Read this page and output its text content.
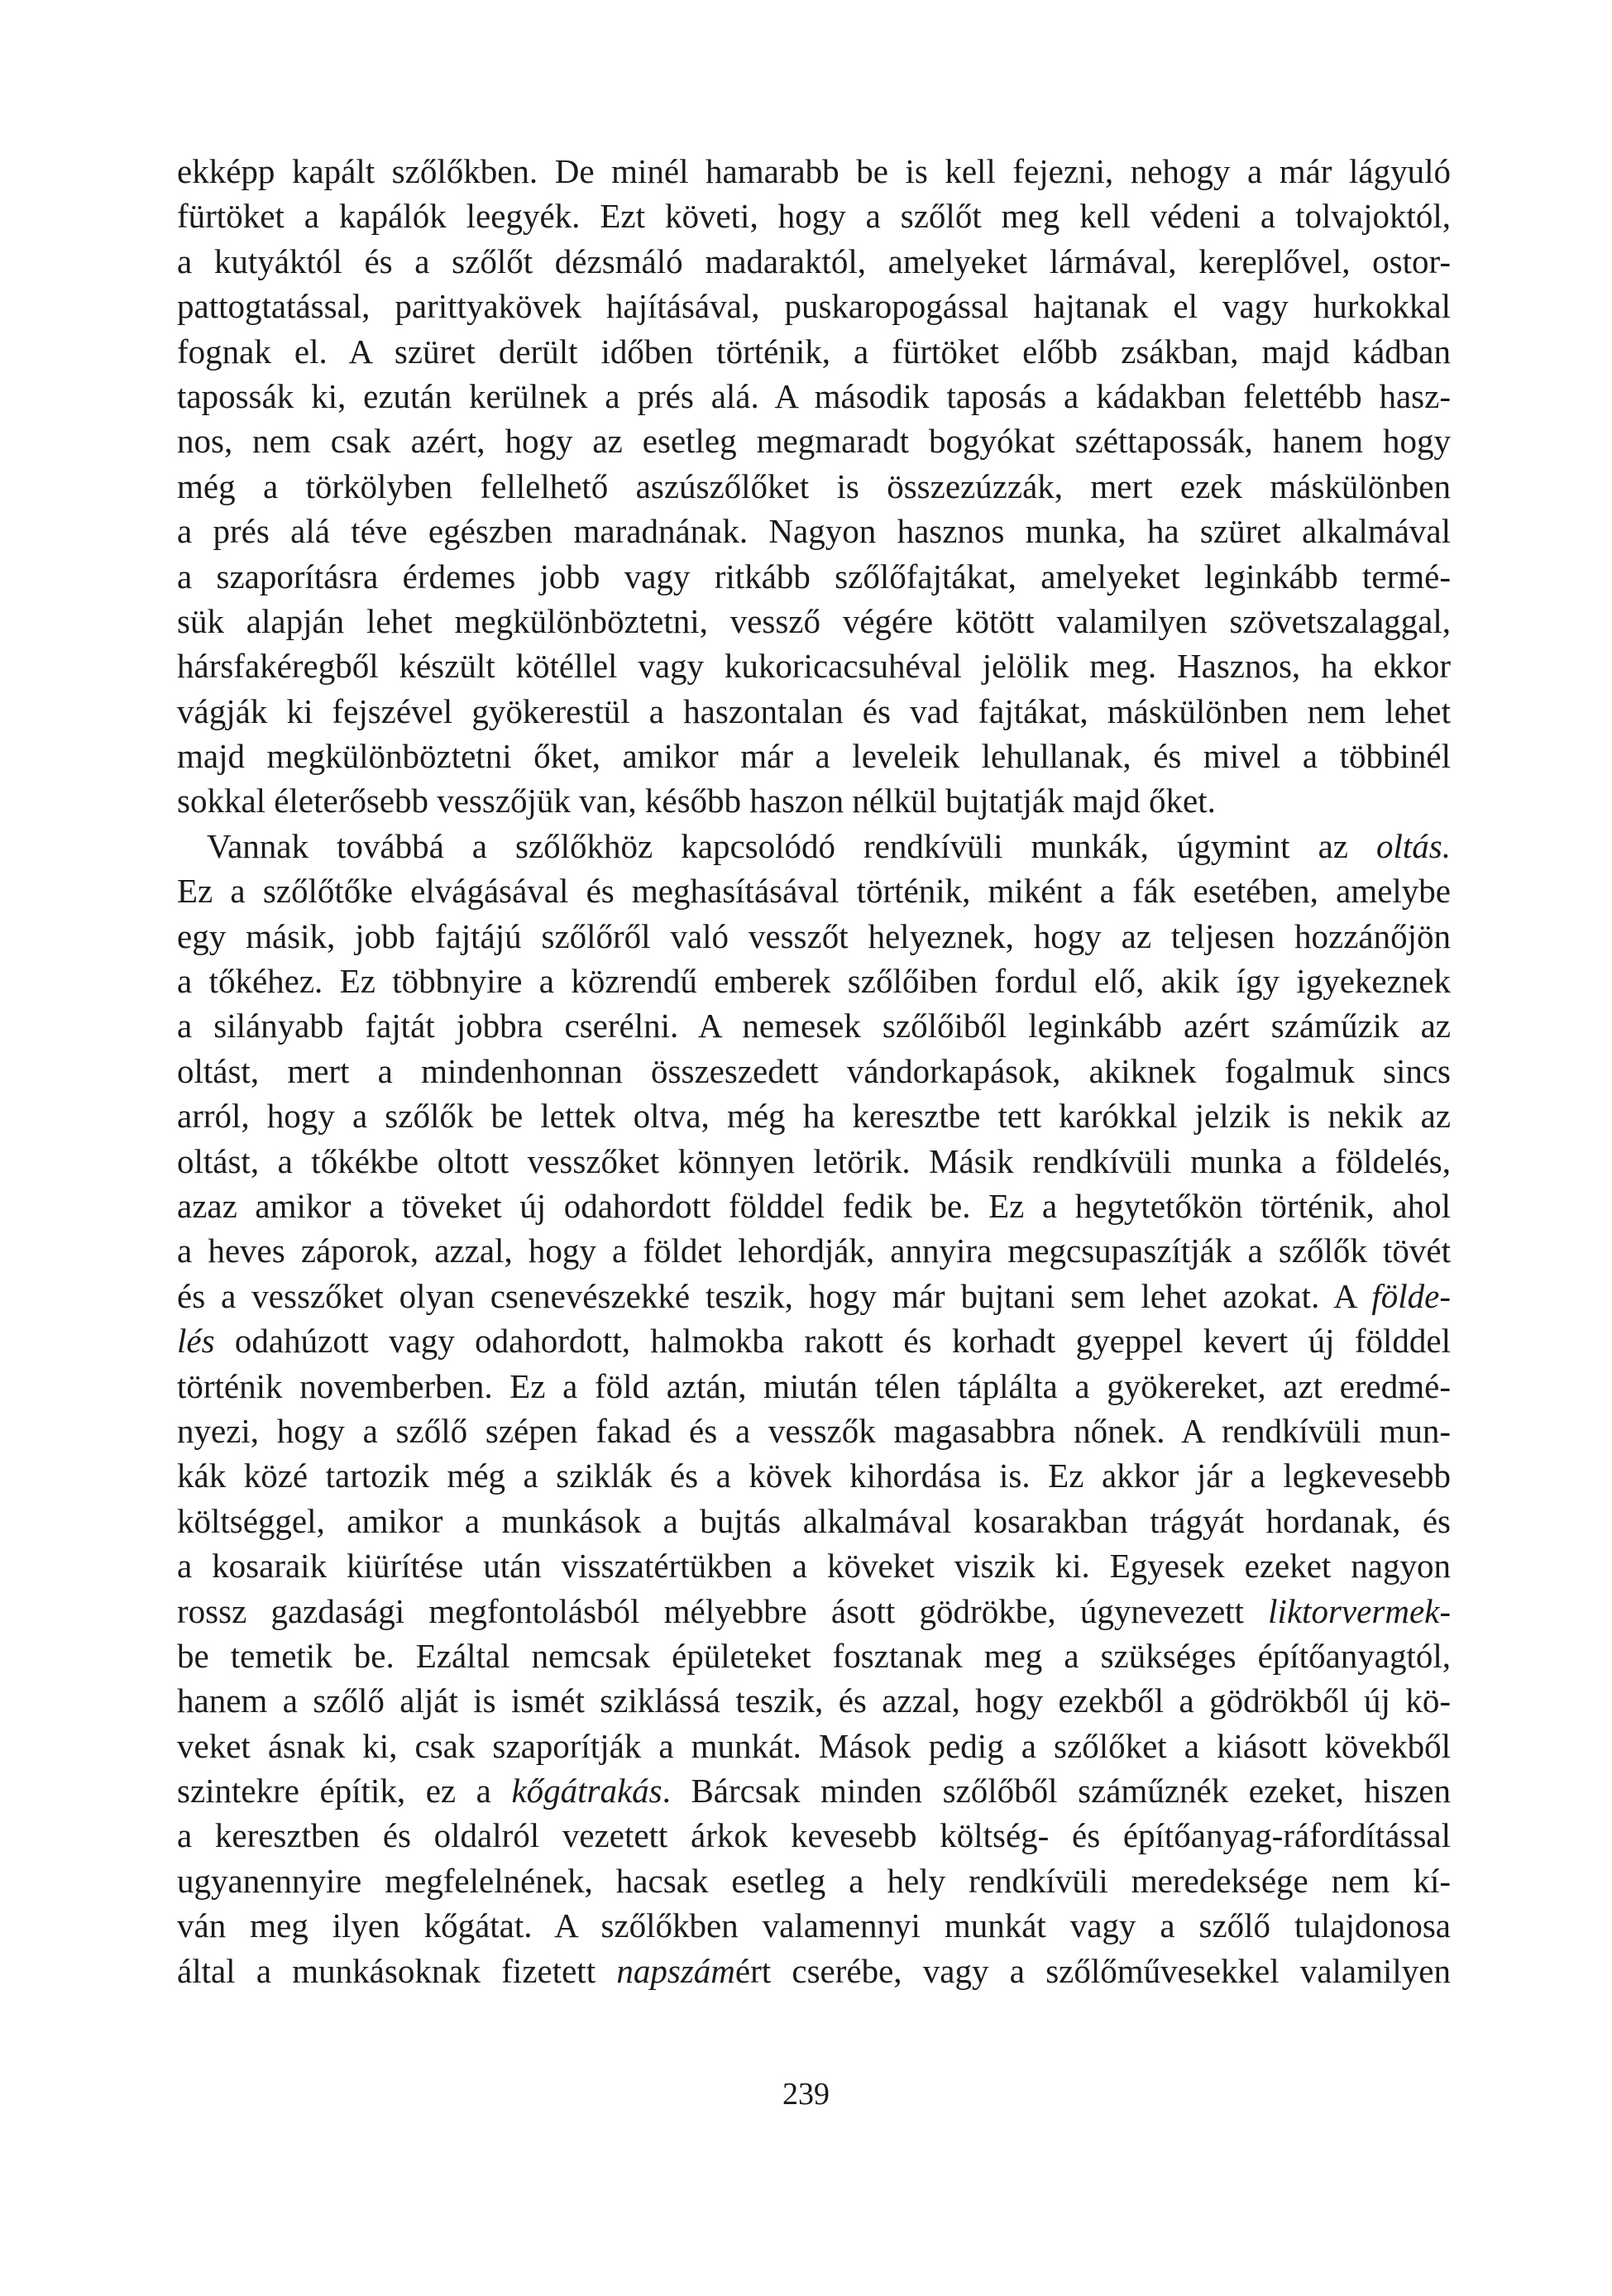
ekképp kapált szőlőkben. De minél hamarabb be is kell fejezni, nehogy a már lágyuló
fürtöket a kapálók leegyék. Ezt követi, hogy a szőlőt meg kell védeni a tolvajoktól,
a kutyáktól és a szőlőt dézsmáló madaraktól, amelyeket lármával, kereplővel, ostor-
pattogtatással, parittyakövek hajításával, puskaropogással hajtanak el vagy hurkokkal
fognak el. A szüret derült időben történik, a fürtöket előbb zsákban, majd kádban
tapossák ki, ezután kerülnek a prés alá. A második taposás a kádakban felettébb hasz-
nos, nem csak azért, hogy az esetleg megmaradt bogyókat széttapossák, hanem hogy
még a törkölyben fellelhető aszúszőlőket is összezúzzák, mert ezek máskülönben
a prés alá téve egészben maradnának. Nagyon hasznos munka, ha szüret alkalmával
a szaporításra érdemes jobb vagy ritkább szőlőfajtákat, amelyeket leginkább termé-
sük alapján lehet megkülönböztetni, vessző végére kötött valamilyen szövetszalaggal,
hársfakéregből készült kötéllel vagy kukoricacsuhéval jelölik meg. Hasznos, ha ekkor
vágják ki fejszével gyökerestül a haszontalan és vad fajtákat, máskülönben nem lehet
majd megkülönböztetni őket, amikor már a leveleik lehullanak, és mivel a többinél
sokkal életerősebb vesszőjük van, később haszon nélkül bujtatják majd őket.
Vannak továbbá a szőlőkhöz kapcsolódó rendkívüli munkák, úgymint az oltás.
Ez a szőlőtőke elvágásával és meghasításával történik, miként a fák esetében, amelybe
egy másik, jobb fajtájú szőlőről való vesszőt helyeznek, hogy az teljesen hozzánőjön
a tőkéhez. Ez többnyire a közrendű emberek szőlőiben fordul elő, akik így igyekeznek
a silányabb fajtát jobbra cserélni. A nemesek szőlőiből leginkább azért száműzik az
oltást, mert a mindenhonnan összeszedett vándorkapások, akiknek fogalmuk sincs
arról, hogy a szőlők be lettek oltva, még ha keresztbe tett karókkal jelzik is nekik az
oltást, a tőkékbe oltott vesszőket könnyen letörik. Másik rendkívüli munka a földelés,
azaz amikor a töveket új odahordott földdel fedik be. Ez a hegytetőkön történik, ahol
a heves záporok, azzal, hogy a földet lehordják, annyira megcsupaszítják a szőlők tövét
és a vesszőket olyan csenevészekké teszik, hogy már bujtani sem lehet azokat. A földe-
lés odahúzott vagy odahordott, halmokba rakott és korhadt gyeppel kevert új földdel
történik novemberben. Ez a föld aztán, miután télen táplálta a gyökereket, azt eredmé-
nyezi, hogy a szőlő szépen fakad és a vesszők magasabbra nőnek. A rendkívüli mun-
kák közé tartozik még a sziklák és a kövek kihordása is. Ez akkor jár a legkevesebb
költséggel, amikor a munkások a bujtás alkalmával kosarakban trágyát hordanak, és
a kosaraik kiürítése után visszatértükben a köveket viszik ki. Egyesek ezeket nagyon
rossz gazdasági megfontolásból mélyebbre ásott gödrökbe, úgynevezett liktorvermek-
be temetik be. Ezáltal nemcsak épületeket fosztanak meg a szükséges építőanyagtól,
hanem a szőlő alját is ismét sziklássá teszik, és azzal, hogy ezekből a gödrökből új kö-
veket ásnak ki, csak szaporítják a munkát. Mások pedig a szőlőket a kiásott kövekből
szintekre építik, ez a kőgátrakás. Bárcsak minden szőlőből száműznék ezeket, hiszen
a keresztben és oldalról vezetett árkok kevesebb költség- és építőanyag-ráfordítással
ugyanennyire megfelelnének, hacsak esetleg a hely rendkívüli meredeksége nem kí-
ván meg ilyen kőgátat. A szőlőkben valamennyi munkát vagy a szőlő tulajdonosa
által a munkásoknak fizetett napszámért cserébe, vagy a szőlőművesekkel valamilyen
239
